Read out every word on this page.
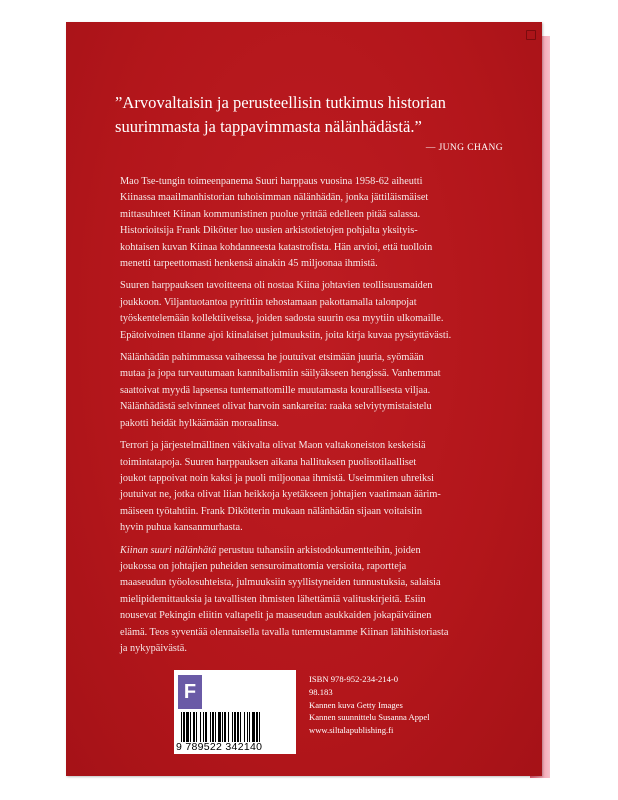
”Arvovaltaisin ja perusteellisin tutkimus historian
suurimmasta ja tappavimmasta nälänhädästä.”
— JUNG CHANG

Mao Tse-tungin toimeenpanema Suuri harppaus vuosina 1958-62 aiheutti
Kiinassa maailmanhistorian tuhoisimman nälänhädän, jonka jättiläismäiset
mittasuhteet Kiinan kommunistinen puolue yrittää edelleen pitää salassa.
Historioitsija Frank Dikötter luo uusien arkistotietojen pohjalta yksityis-
kohtaisen kuvan Kiinaa kohdanneesta katastrofista. Hän arvioi, että tuolloin
menetti tarpeettomasti henkensä ainakin 45 miljoonaa ihmistä.

Suuren harppauksen tavoitteena oli nostaa Kiina johtavien teollisuusmaiden
joukkoon. Viljantuotantoa pyrittiin tehostamaan pakottamalla talonpojat
työskentelemään kollektiiveissa, joiden sadosta suurin osa myytiin ulkomaille.
Epätoivoinen tilanne ajoi kiinalaiset julmuuksiin, joita kirja kuvaa pysäyttävästi.

Nälänhädän pahimmassa vaiheessa he joutuivat etsimään juuria, syömään
mutaa ja jopa turvautumaan kannibalismiin säilyäkseen hengissä. Vanhemmat
saattoivat myydä lapsensa tuntemattomille muutamasta kourallisesta viljaa.
Nälänhädästä selvinneet olivat harvoin sankareita: raaka selviytymistaistelu
pakotti heidät hylkäämään moraalinsa.

Terrori ja järjestelmällinen väkivalta olivat Maon valtakoneiston keskeisiä
toimintatapoja. Suuren harppauksen aikana hallituksen puolisotilaalliset
joukot tappoivat noin kaksi ja puoli miljoonaa ihmistä. Useimmiten uhreiksi
joutuivat ne, jotka olivat liian heikkoja kyetäkseen johtajien vaatimaan äärim-
mäiseen työtahtiin. Frank Dikötterin mukaan nälänhädän sijaan voitaisiin
hyvin puhua kansanmurhasta.

Kiinan suuri nälänhätä perustuu tuhansiin arkistodokumentteihin, joiden
joukossa on johtajien puheiden sensuroimattomia versioita, raportteja
maaseudun työolosuhteista, julmuuksiin syyllistyneiden tunnustuksia, salaisia
mielipidemittauksia ja tavallisten ihmisten lähettämiä valituskirjeitä. Esiin
nousevat Pekingin eliitin valtapelit ja maaseudun asukkaiden jokapäiväinen
elämä. Teos syventää olennaisella tavalla tuntemustamme Kiinan lähihistoriasta
ja nykypäivästä.

F
9 789522 342140
ISBN 978-952-234-214-0
98.183
Kannen kuva Getty Images
Kannen suunnittelu Susanna Appel
www.siltalapublishing.fi
